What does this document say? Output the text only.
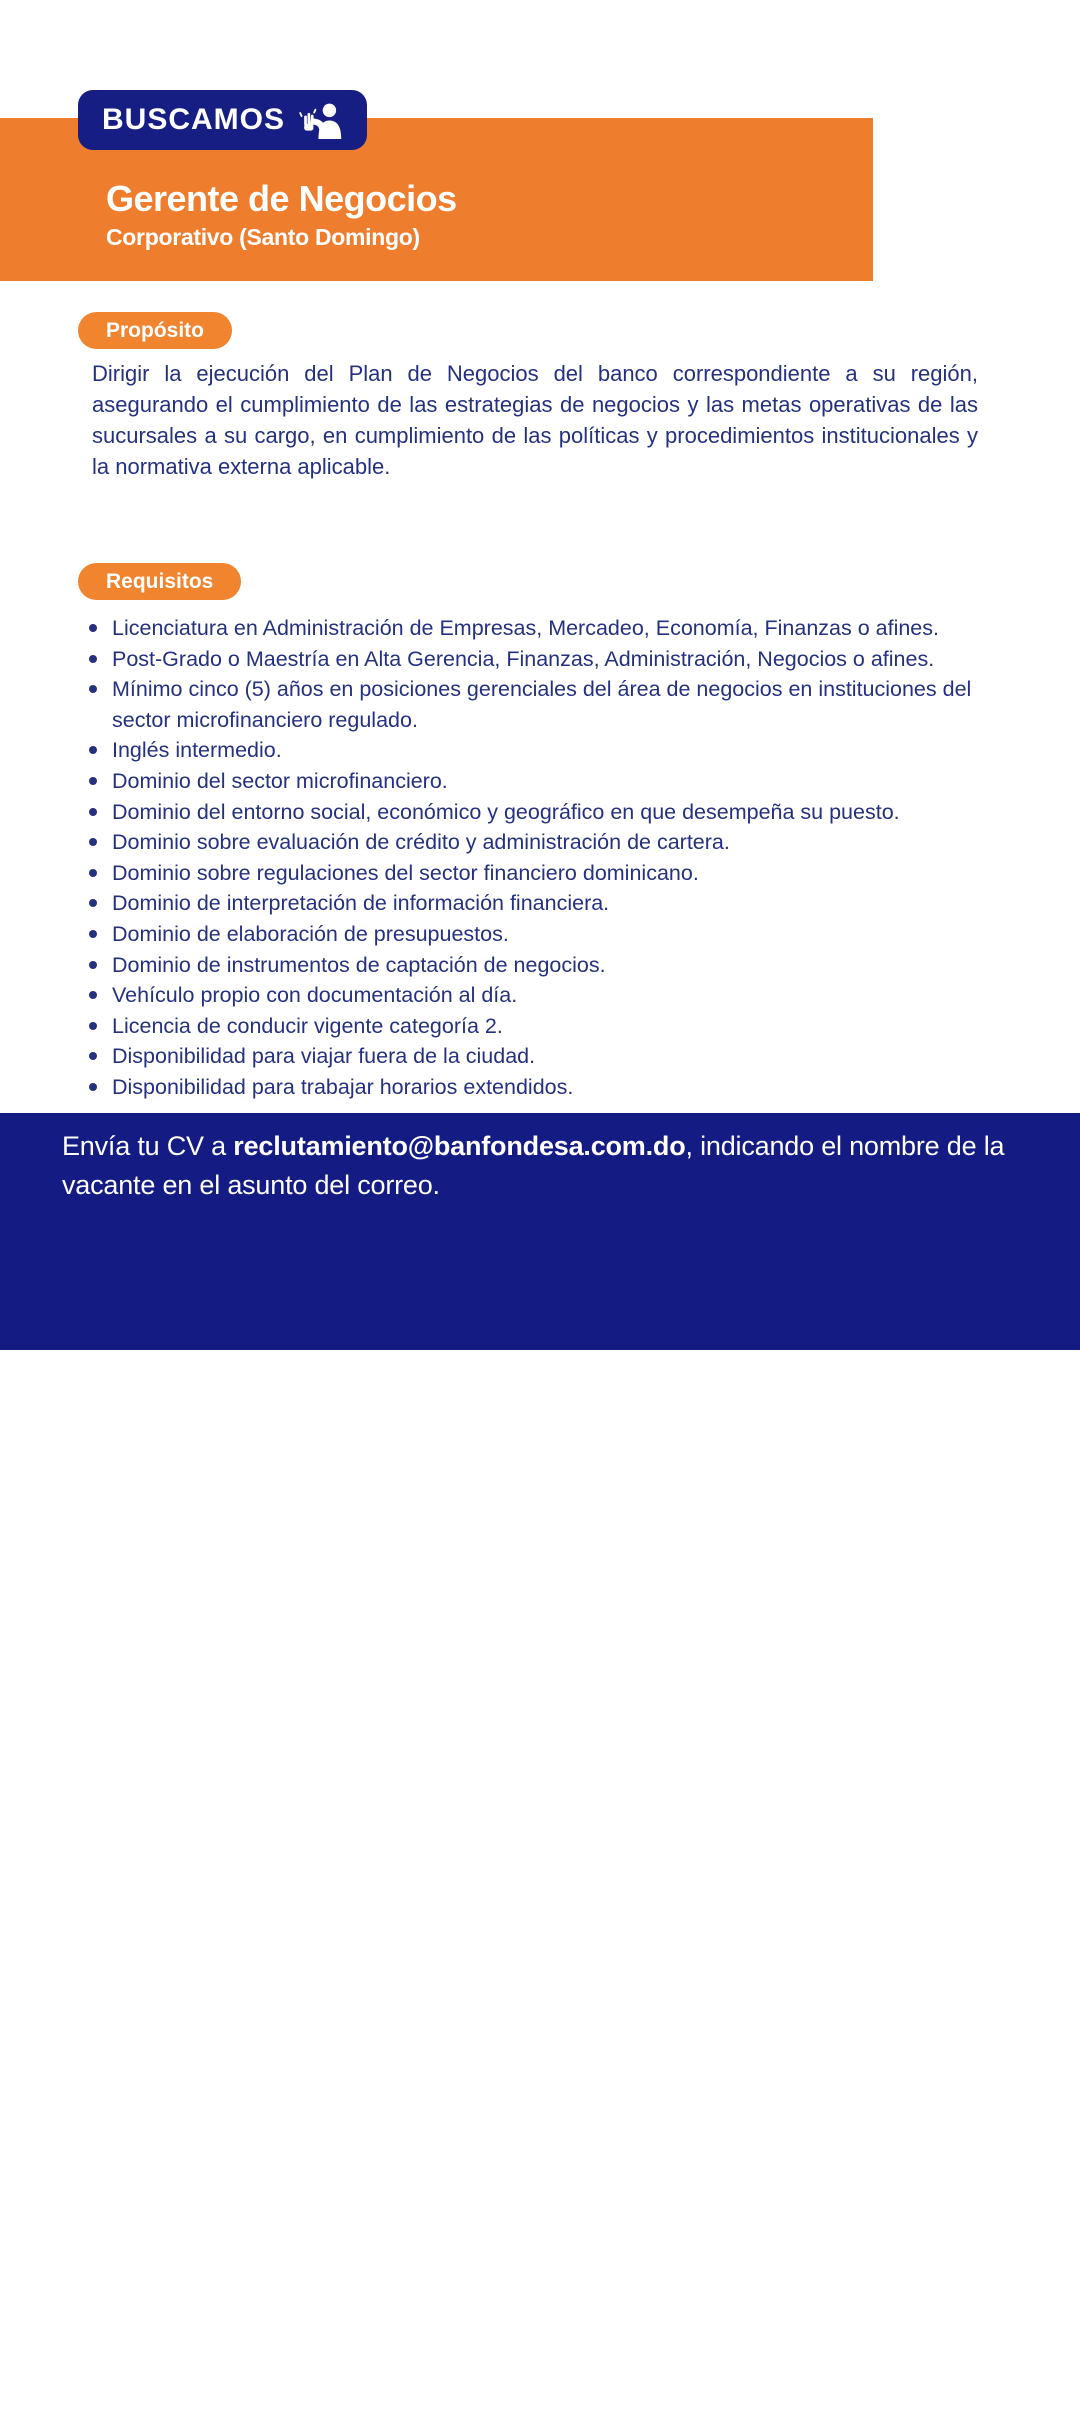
BUSCAMOS
Gerente de Negocios
Corporativo (Santo Domingo)
Propósito

Dirigir la ejecución del Plan de Negocios del banco correspondiente a su región, asegurando el cumplimiento de las estrategias de negocios y las metas operativas de las sucursales a su cargo, en cumplimiento de las políticas y procedimientos institucionales y la normativa externa aplicable.

Requisitos
Licenciatura en Administración de Empresas, Mercadeo, Economía, Finanzas o afines.
Post-Grado o Maestría en Alta Gerencia, Finanzas, Administración, Negocios o afines.
Mínimo cinco (5) años en posiciones gerenciales del área de negocios en instituciones del sector microfinanciero regulado.
Inglés intermedio.
Dominio del sector microfinanciero.
Dominio del entorno social, económico y geográfico en que desempeña su puesto.
Dominio sobre evaluación de crédito y administración de cartera.
Dominio sobre regulaciones del sector financiero dominicano.
Dominio de interpretación de información financiera.
Dominio de elaboración de presupuestos.
Dominio de instrumentos de captación de negocios.
Vehículo propio con documentación al día.
Licencia de conducir vigente categoría 2.
Disponibilidad para viajar fuera de la ciudad.
Disponibilidad para trabajar horarios extendidos.

Envía tu CV a reclutamiento@banfondesa.com.do, indicando el nombre de la vacante en el asunto del correo.

BANFONDESA ®
El banco de la familia y la microempresa
